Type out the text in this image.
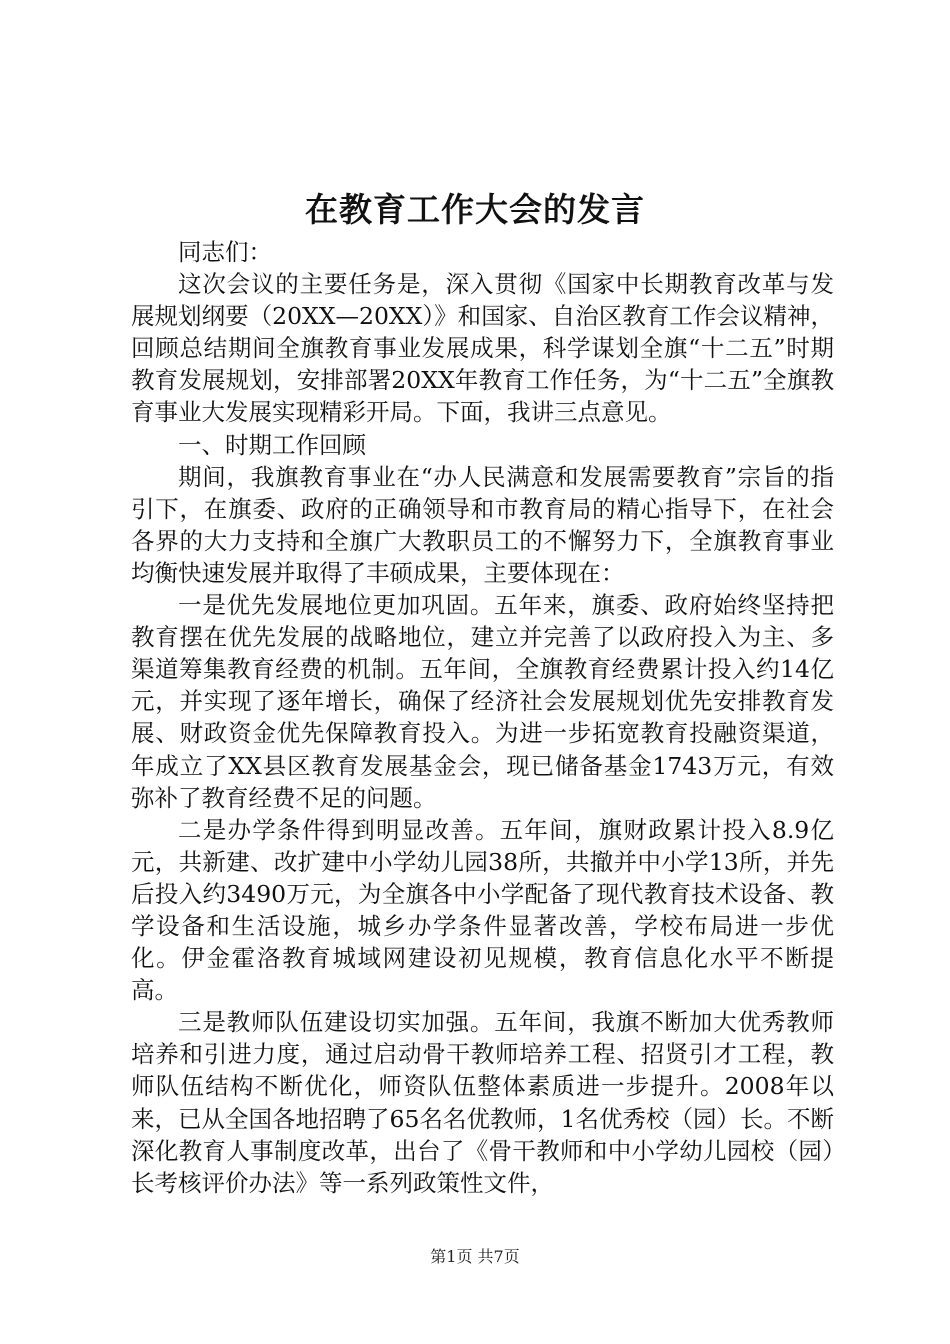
在教育工作大会的发言

同志们：

这次会议的主要任务是，深入贯彻《国家中长期教育改革与发展规划纲要（20XX—20XX）》和国家、自治区教育工作会议精神，回顾总结期间全旗教育事业发展成果，科学谋划全旗“十二五”时期教育发展规划，安排部署20XX年教育工作任务，为“十二五”全旗教育事业大发展实现精彩开局。下面，我讲三点意见。

一、时期工作回顾

期间，我旗教育事业在“办人民满意和发展需要教育”宗旨的指引下，在旗委、政府的正确领导和市教育局的精心指导下，在社会各界的大力支持和全旗广大教职员工的不懈努力下，全旗教育事业均衡快速发展并取得了丰硕成果，主要体现在：

一是优先发展地位更加巩固。五年来，旗委、政府始终坚持把教育摆在优先发展的战略地位，建立并完善了以政府投入为主、多渠道筹集教育经费的机制。五年间，全旗教育经费累计投入约14亿元，并实现了逐年增长，确保了经济社会发展规划优先安排教育发展、财政资金优先保障教育投入。为进一步拓宽教育投融资渠道，年成立了XX县区教育发展基金会，现已储备基金1743万元，有效弥补了教育经费不足的问题。

二是办学条件得到明显改善。五年间，旗财政累计投入8.9亿元，共新建、改扩建中小学幼儿园38所，共撤并中小学13所，并先后投入约3490万元，为全旗各中小学配备了现代教育技术设备、教学设备和生活设施，城乡办学条件显著改善，学校布局进一步优化。伊金霍洛教育城域网建设初见规模，教育信息化水平不断提高。

三是教师队伍建设切实加强。五年间，我旗不断加大优秀教师培养和引进力度，通过启动骨干教师培养工程、招贤引才工程，教师队伍结构不断优化，师资队伍整体素质进一步提升。2008年以来，已从全国各地招聘了65名名优教师，1名优秀校（园）长。不断深化教育人事制度改革，出台了《骨干教师和中小学幼儿园校（园）长考核评价办法》等一系列政策性文件，

第1页 共7页
